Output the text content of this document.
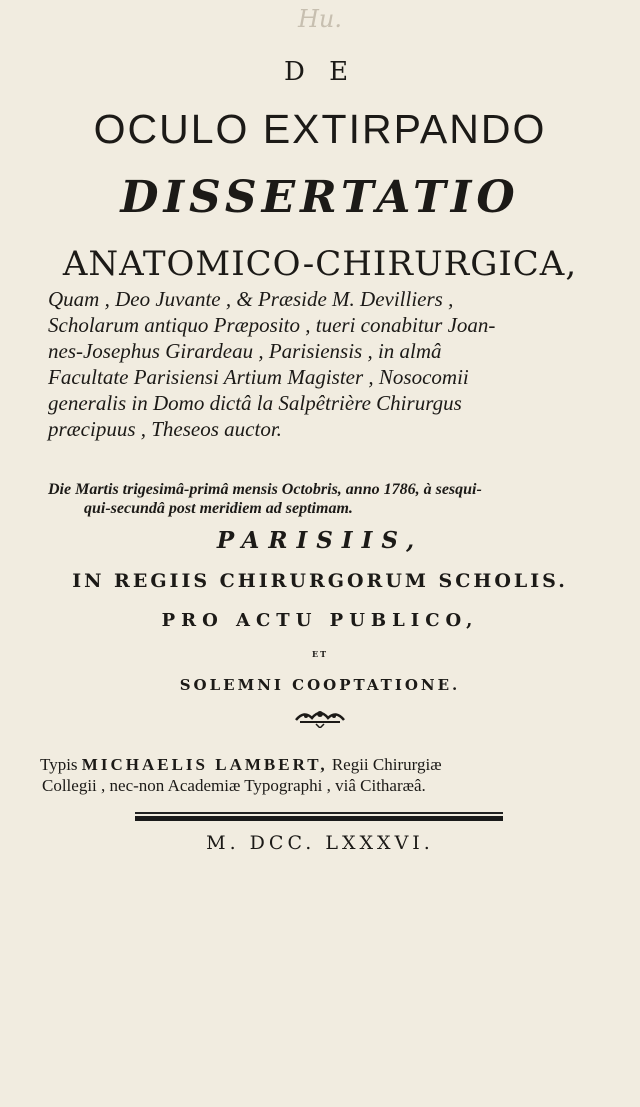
Hu.
D E
OCULO EXTIRPANDO
DISSERTATIO
ANATOMICO-CHIRURGICA,
Quam , Deo Juvante , & Præside M. Devilliers ,
Scholarum antiquo Præposito , tueri conabitur Joan-
nes-Josephus Girardeau , Parisiensis , in almâ
Facultate Parisiensi Artium Magister , Nosocomii
generalis in Domo dictâ la Salpêtrière Chirurgus
præcipuus , Thesеos auctor.
Die Martis trigesimâ-primâ mensis Octobris, anno 1786, à sesquі-
qui-secundâ post meridiem ad septimam.
PARISIIS,
IN REGIIS CHIRURGORUM SCHOLIS.
PRO ACTU PUBLICO,
ET
SOLEMNI COOPTATIONE.
Typis MICHAELIS LAMBERT, Regii Chirurgiæ
Collegii , nec-non Academiæ Typographi , viâ Citharæâ.
M. DCC. LXXXVI.
